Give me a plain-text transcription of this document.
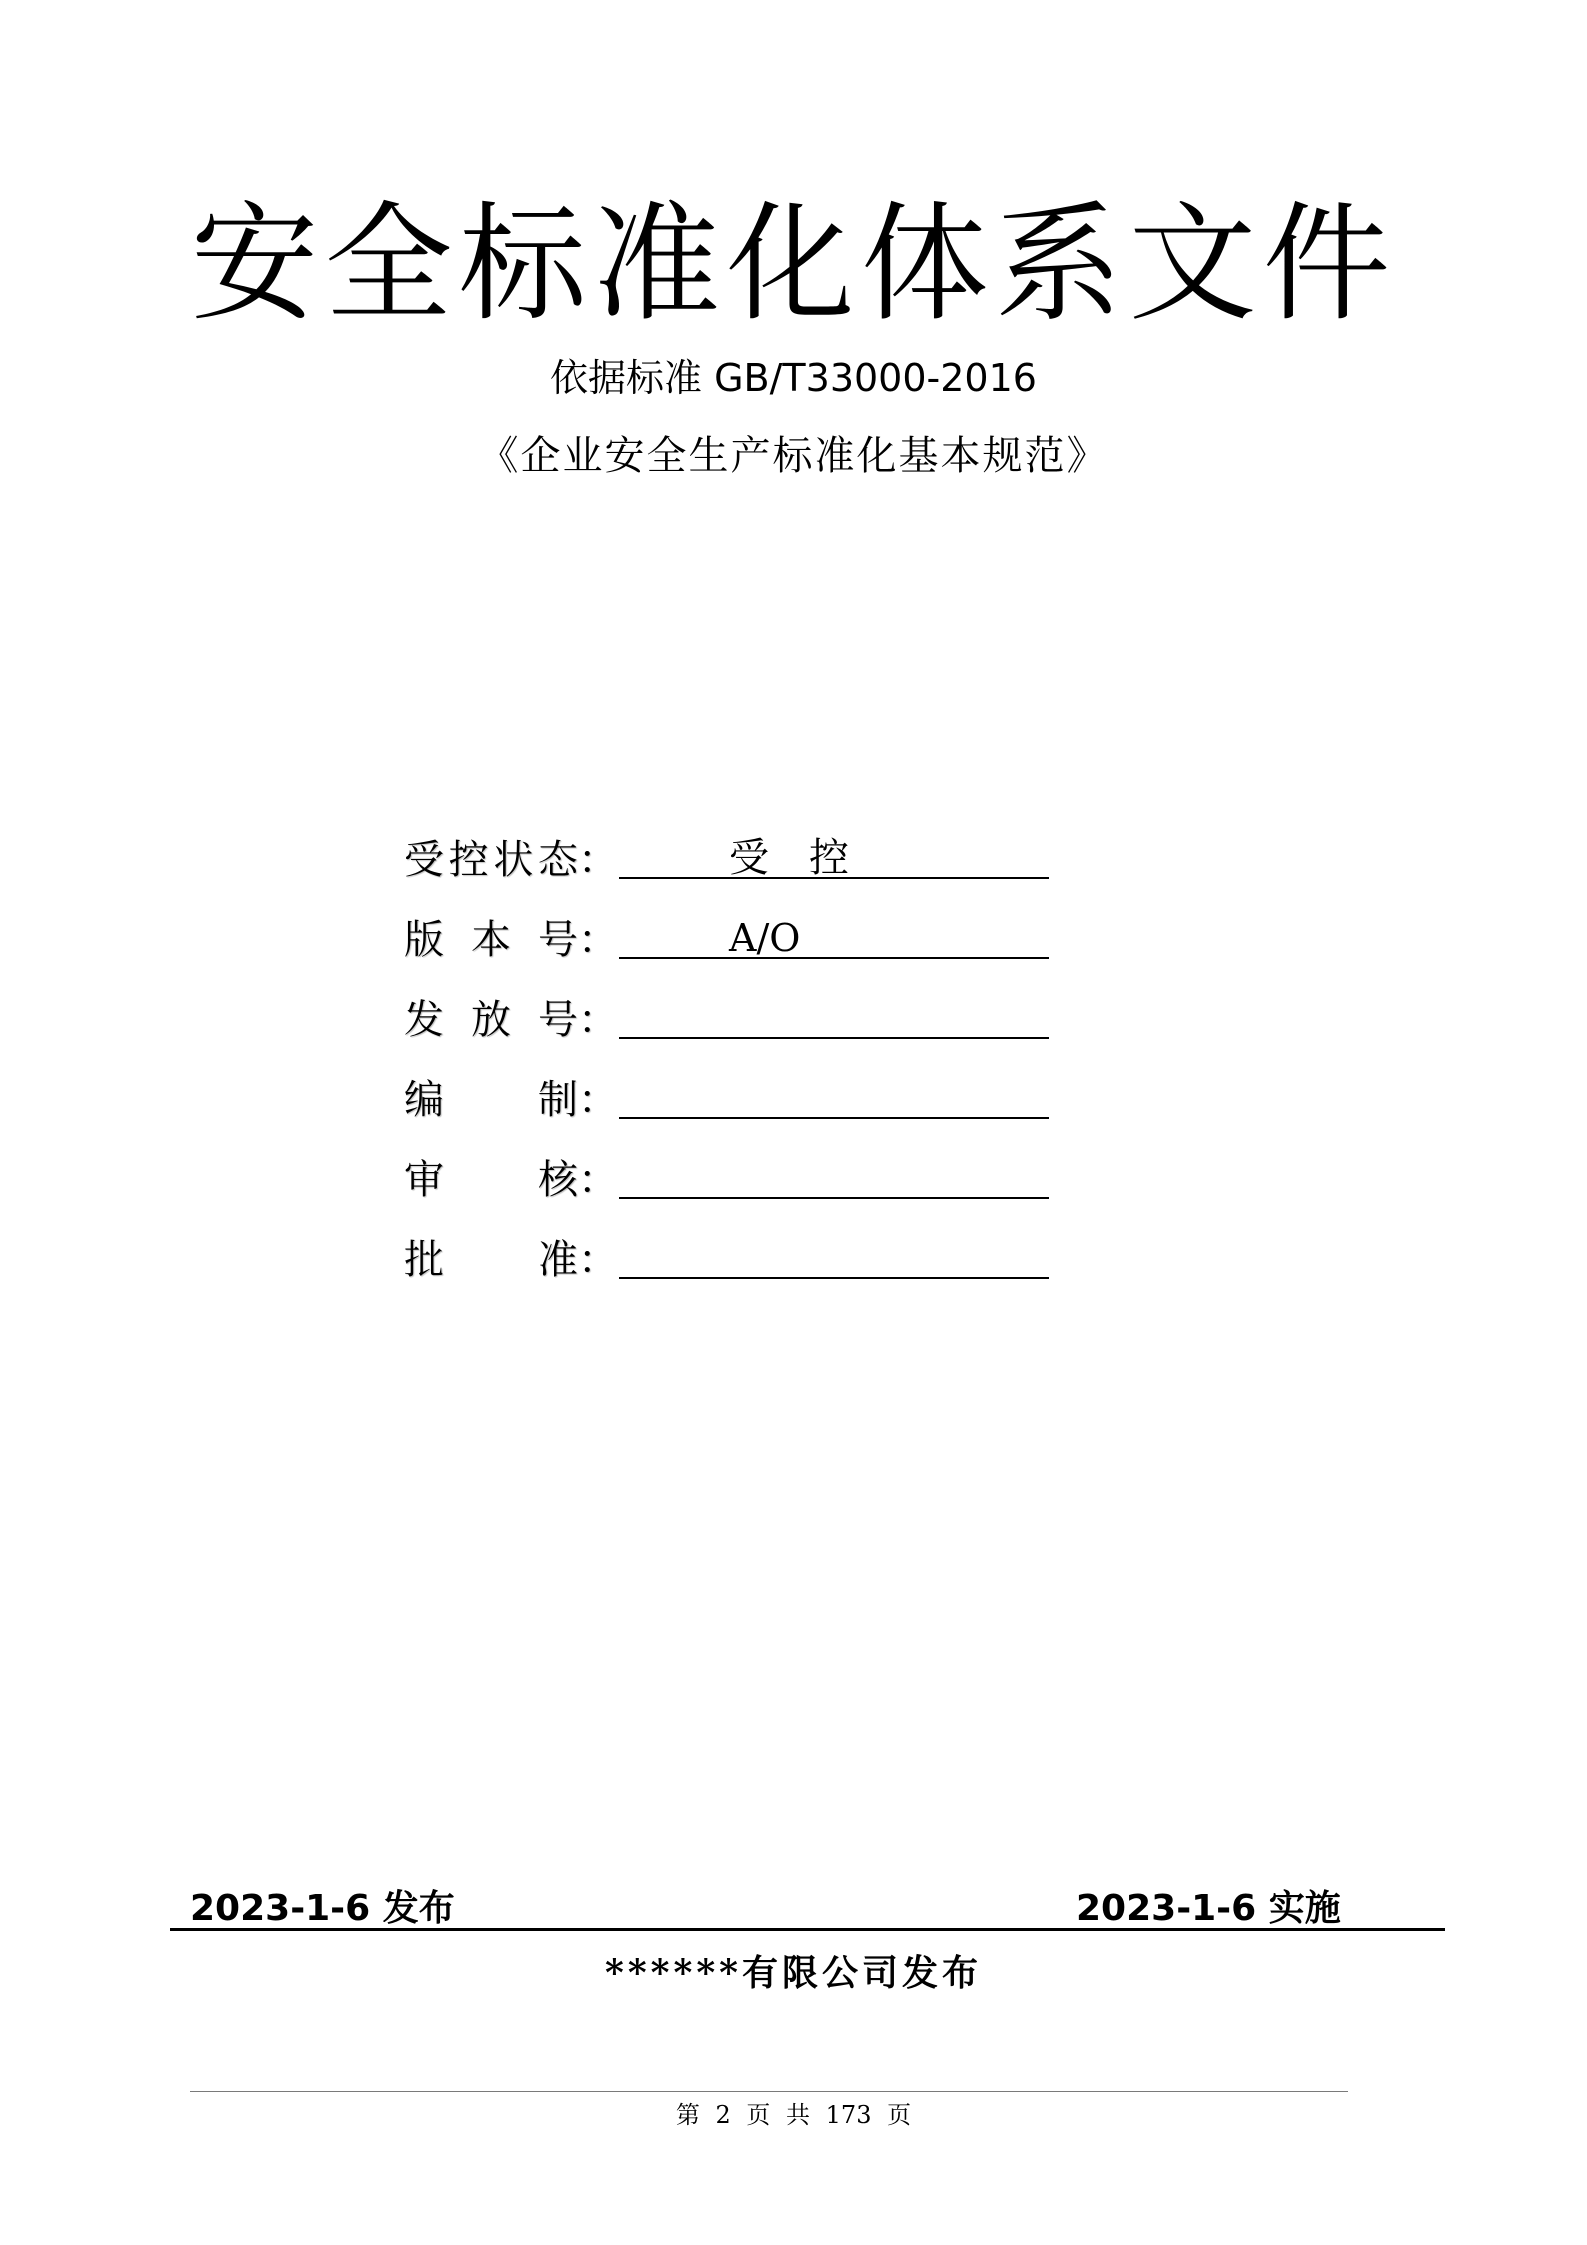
安全标准化体系文件
依据标准 GB/T33000-2016
《企业安全生产标准化基本规范》
受 控 状 态：	受控
版 本 号：	A/O
发 放 号：
编 制：
审 核：
批 准：
2023-1-6 发布	2023-1-6 实施
******有限公司发布
第 2 页 共 173 页
